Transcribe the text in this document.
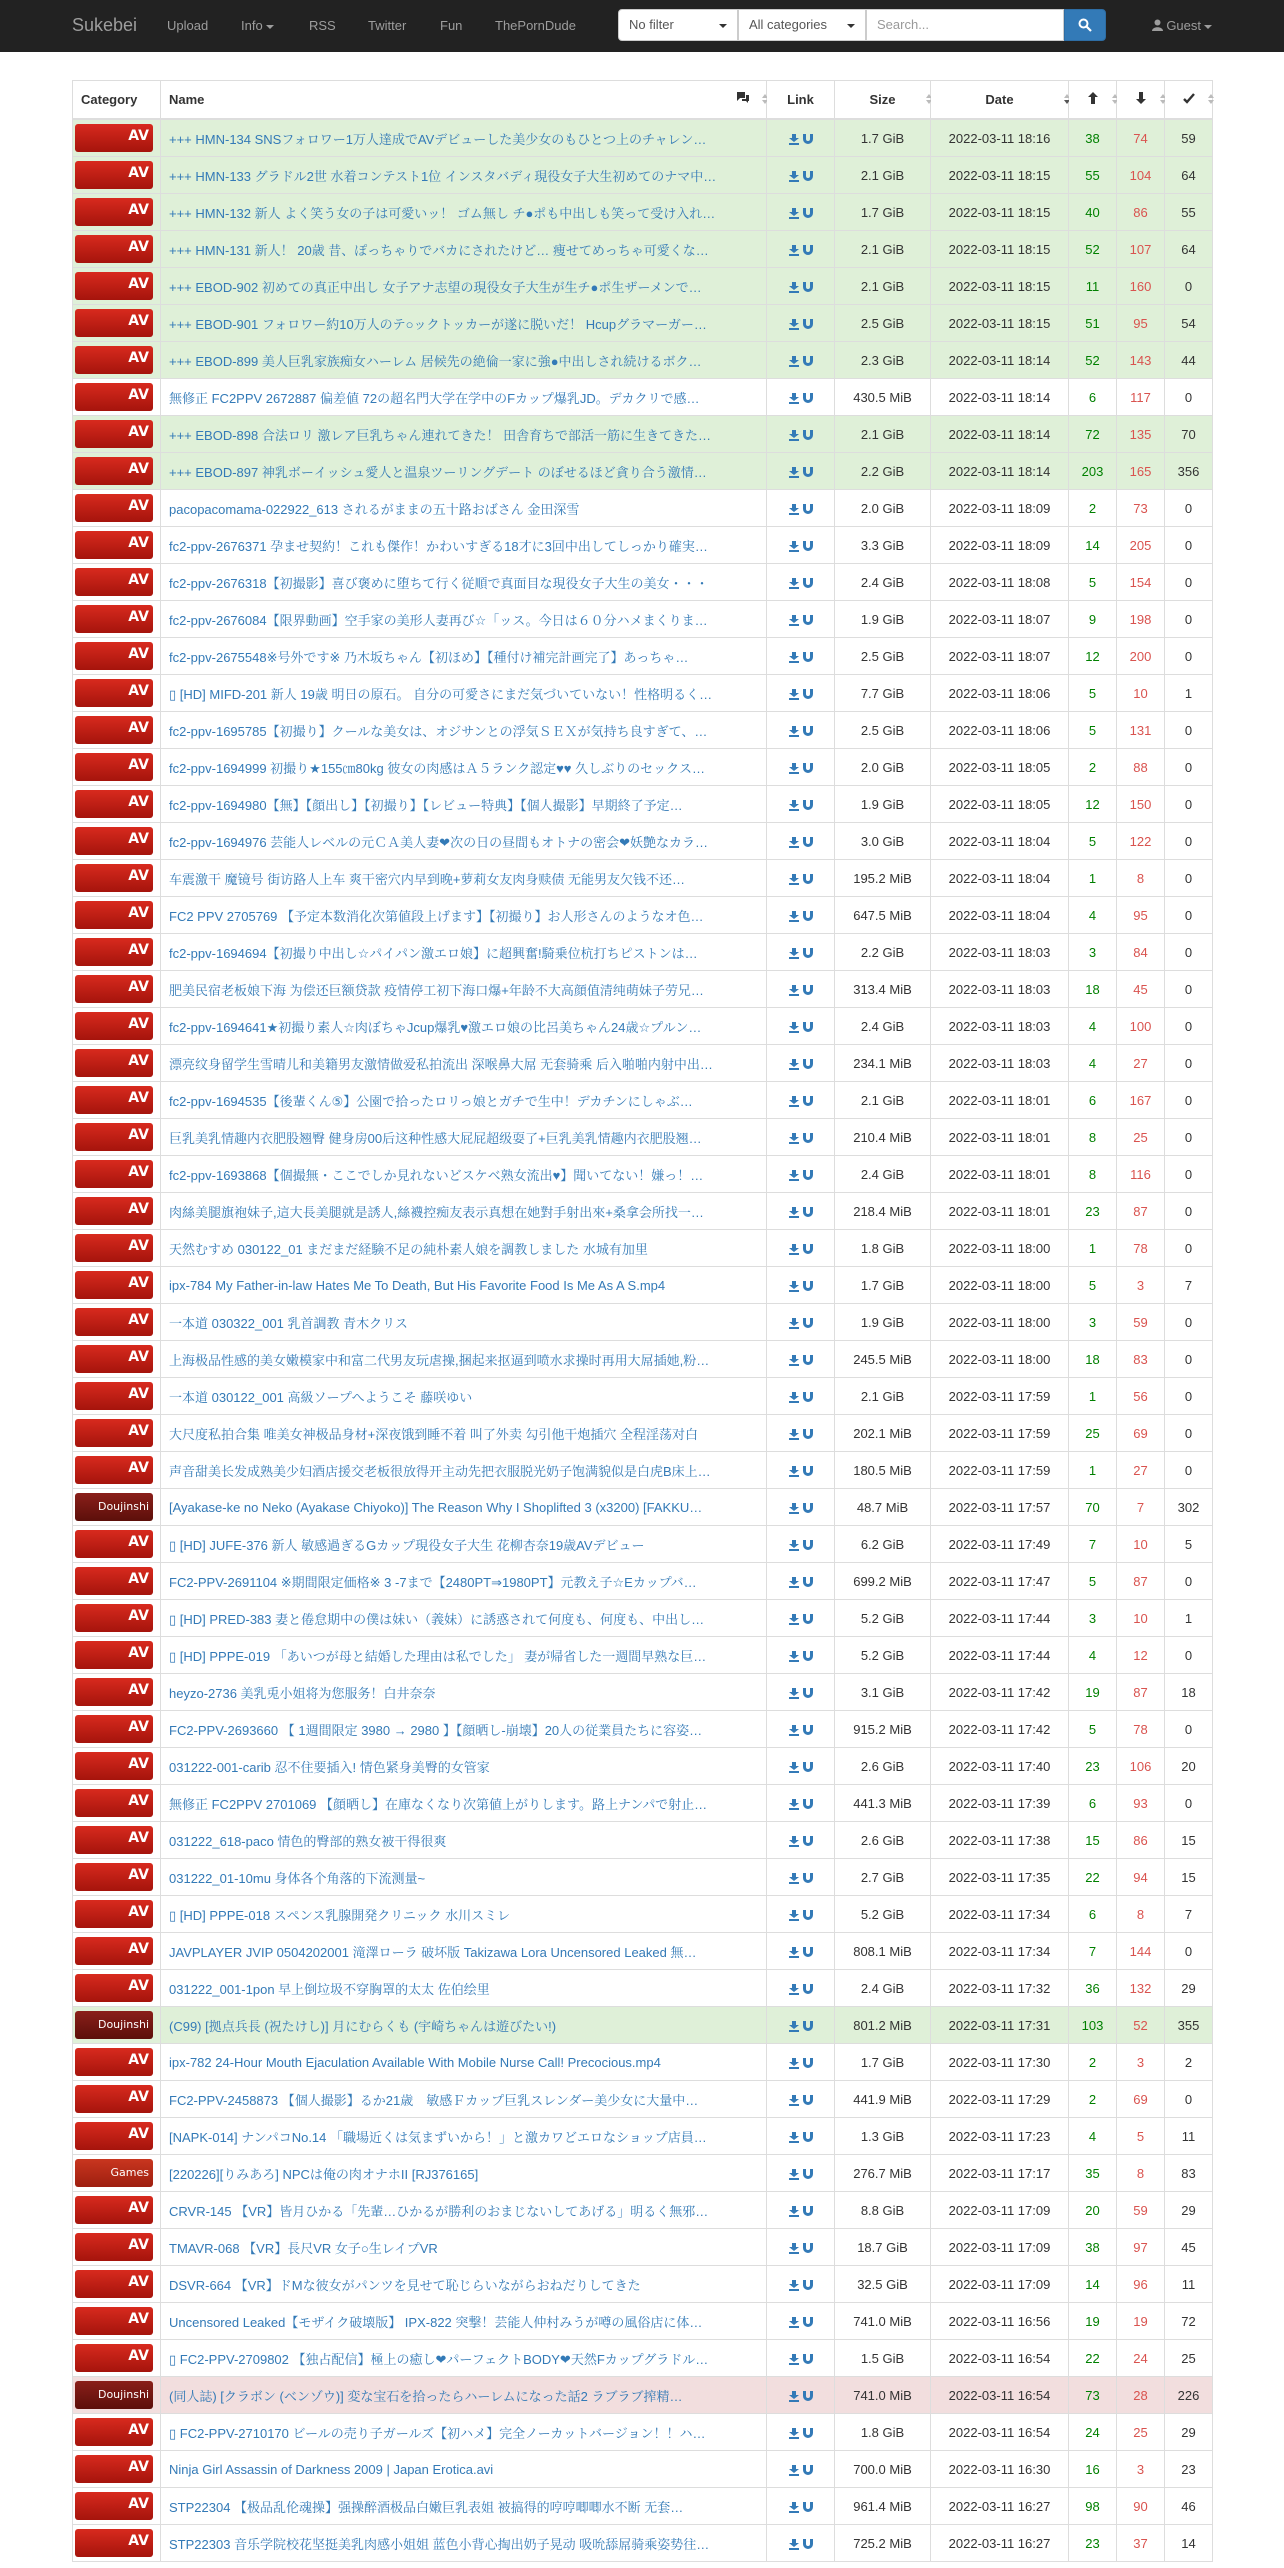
Sukebei Upload	Info	RSS Twitter	Fun	ThePornDude	No filter	All categories	Search...	Guest
Category	Name	Link	Size	Date

AV	+++ HMN-134 SNSフォロワー1万人達成でAVデビューした美少女のもひとつ上のチャレン…		1.7 GiB	2022-03-11 18:16	38	74	59

AV	+++ HMN-133 グラドル2世 水着コンテスト1位 インスタバディ現役女子大生初めてのナマ中…		2.1 GiB	2022-03-11 18:15	55	104	64

AV	+++ HMN-132 新人 よく笑う女の子は可愛いッ！ ゴム無し チ●ポも中出しも笑って受け入れ…		1.7 GiB	2022-03-11 18:15	40	86	55

AV	+++ HMN-131 新人！ 20歳 昔、ぽっちゃりでバカにされたけど… 痩せてめっちゃ可愛くな…		2.1 GiB	2022-03-11 18:15	52	107	64

AV	+++ EBOD-902 初めての真正中出し 女子アナ志望の現役女子大生が生チ●ポ生ザーメンで…		2.1 GiB	2022-03-11 18:15	11	160	0

AV	+++ EBOD-901 フォロワー約10万人のテ○ックトッカーが遂に脱いだ！ Hcupグラマーガー…		2.5 GiB	2022-03-11 18:15	51	95	54

AV	+++ EBOD-899 美人巨乳家族痴女ハーレム 居候先の絶倫一家に強●中出しされ続けるボク…		2.3 GiB	2022-03-11 18:14	52	143	44

AV	無修正 FC2PPV 2672887 偏差値 72の超名門大学在学中のFカップ爆乳JD。デカクリで感…		430.5 MiB	2022-03-11 18:14	6	117	0

AV	+++ EBOD-898 合法ロリ 激レア巨乳ちゃん連れてきた！ 田舎育ちで部活一筋に生きてきた…		2.1 GiB	2022-03-11 18:14	72	135	70

AV	+++ EBOD-897 神乳ボーイッシュ愛人と温泉ツーリングデート のぼせるほど貪り合う激情…		2.2 GiB	2022-03-11 18:14	203	165	356

AV	pacopacomama-022922_613 されるがままの五十路おばさん 金田深雪		2.0 GiB	2022-03-11 18:09	2	73	0

AV	fc2-ppv-2676371 孕ませ契約！これも傑作！かわいすぎる18才に3回中出してしっかり確実…		3.3 GiB	2022-03-11 18:09	14	205	0

AV	fc2-ppv-2676318【初撮影】喜び褒めに堕ちて行く従順で真面目な現役女子大生の美女・・・		2.4 GiB	2022-03-11 18:08	5	154	0

AV	fc2-ppv-2676084【限界動画】空手家の美形人妻再び☆「ッス。今日は６０分ハメまくりま…		1.9 GiB	2022-03-11 18:07	9	198	0

AV	fc2-ppv-2675548※号外です※ 乃木坂ちゃん【初ほめ】【種付け補完計画完了】あっちゃ…		2.5 GiB	2022-03-11 18:07	12	200	0

AV	▯ [HD] MIFD-201 新人 19歳 明日の原石。 自分の可愛さにまだ気づいていない！性格明るく…		7.7 GiB	2022-03-11 18:06	5	10	1

AV	fc2-ppv-1695785【初撮り】クールな美女は、オジサンとの浮気ＳＥＸが気持ち良すぎて、…		2.5 GiB	2022-03-11 18:06	5	131	0

AV	fc2-ppv-1694999 初撮り★155㎝80kg 彼女の肉感はＡ５ランク認定♥♥ 久しぶりのセックス…		2.0 GiB	2022-03-11 18:05	2	88	0

AV	fc2-ppv-1694980【無】【顔出し】【初撮り】【レビュー特典】【個人撮影】早期終了予定…		1.9 GiB	2022-03-11 18:05	12	150	0

AV	fc2-ppv-1694976 芸能人レベルの元ＣＡ美人妻❤次の日の昼間もオトナの密会❤妖艶なカラ…		3.0 GiB	2022-03-11 18:04	5	122	0

AV	车震激干 魔镜号 街访路人上车 爽干密穴内早到晚+萝莉女友肉身赎债 无能男友欠钱不还…		195.2 MiB	2022-03-11 18:04	1	8	0

AV	FC2 PPV 2705769 【予定本数消化次第値段上げます】【初撮り】お人形さんのようなオ色…		647.5 MiB	2022-03-11 18:04	4	95	0

AV	fc2-ppv-1694694【初撮り中出し☆パイパン激エロ娘】に超興奮!騎乗位杭打ちピストンは…		2.2 GiB	2022-03-11 18:03	3	84	0

AV	肥美民宿老板娘下海 为偿还巨额贷款 疫情停工初下海口爆+年龄不大高顔值清纯萌妹子劳兄…		313.4 MiB	2022-03-11 18:03	18	45	0

AV	fc2-ppv-1694641★初撮り素人☆肉ぼちゃJcup爆乳♥激エロ娘の比呂美ちゃん24歳☆プルン…		2.4 GiB	2022-03-11 18:03	4	100	0

AV	漂亮纹身留学生雪晴儿和美籍男友激情做爱私拍流出 深喉鼻大屌 无套骑乘 后入啪啪内射中出…		234.1 MiB	2022-03-11 18:03	4	27	0

AV	fc2-ppv-1694535【後輩くん⑤】公園で拾ったロリっ娘とガチで生中！デカチンにしゃぶ…		2.1 GiB	2022-03-11 18:01	6	167	0

AV	巨乳美乳情趣内衣肥股翘臀 健身房00后这种性感大屁屁超级耍了+巨乳美乳情趣内衣肥股翘…		210.4 MiB	2022-03-11 18:01	8	25	0

AV	fc2-ppv-1693868【個撮無・ここでしか見れないどスケベ熟女流出♥】聞いてない！嫌っ！…		2.4 GiB	2022-03-11 18:01	8	116	0

AV	肉絲美腿旗袍妹子,這大長美腿就是誘人,絲襪控痴友表示真想在她對手射出來+桑拿会所找一…		218.4 MiB	2022-03-11 18:01	23	87	0

AV	天然むすめ 030122_01 まだまだ経験不足の純朴素人娘を調教しました 水城有加里		1.8 GiB	2022-03-11 18:00	1	78	0

AV	ipx-784 My Father-in-law Hates Me To Death, But His Favorite Food Is Me As A S.mp4		1.7 GiB	2022-03-11 18:00	5	3	7

AV	一本道 030322_001 乳首調教 青木クリス		1.9 GiB	2022-03-11 18:00	3	59	0

AV	上海极品性感的美女嫩模家中和富二代男友玩虐操,捆起来抠逼到喷水求操时再用大屌插她,粉…		245.5 MiB	2022-03-11 18:00	18	83	0

AV	一本道 030122_001 高級ソープへようこそ 藤咲ゆい		2.1 GiB	2022-03-11 17:59	1	56	0

AV	大尺度私拍合集 唯美女神极品身材+深夜饿到睡不着 叫了外卖 勾引他干炮插穴 全程淫荡对白		202.1 MiB	2022-03-11 17:59	25	69	0

AV	声音甜美长发成熟美少妇酒店援交老板很放得开主动先把衣服脱光奶子饱满貌似是白虎B床上…		180.5 MiB	2022-03-11 17:59	1	27	0

Doujinshi	[Ayakase-ke no Neko (Ayakase Chiyoko)] The Reason Why I Shoplifted 3 (x3200) [FAKKU…		48.7 MiB	2022-03-11 17:57	70	7	302

AV	▯ [HD] JUFE-376 新人 敏感過ぎるGカップ現役女子大生 花柳杏奈19歳AVデビュー		6.2 GiB	2022-03-11 17:49	7	10	5

AV	FC2-PPV-2691104 ※期間限定価格※ 3 -7まで【2480PT⇒1980PT】元教え子☆Eカップバ…		699.2 MiB	2022-03-11 17:47	5	87	0

AV	▯ [HD] PRED-383 妻と倦怠期中の僕は妹い（義妹）に誘惑されて何度も、何度も、中出し…		5.2 GiB	2022-03-11 17:44	3	10	1

AV	▯ [HD] PPPE-019 「あいつが母と結婚した理由は私でした」 妻が帰省した一週間早熟な巨…		5.2 GiB	2022-03-11 17:44	4	12	0

AV	heyzo-2736 美乳兎小姐将为您服务！白井奈奈		3.1 GiB	2022-03-11 17:42	19	87	18

AV	FC2-PPV-2693660 【 1週間限定 3980 → 2980 】【顔晒し-崩壊】20人の従業員たちに容姿…		915.2 MiB	2022-03-11 17:42	5	78	0

AV	031222-001-carib 忍不住要插入! 情色紧身美臀的女管家		2.6 GiB	2022-03-11 17:40	23	106	20

AV	無修正 FC2PPV 2701069 【顔晒し】在庫なくなり次第値上がりします。路上ナンパで射止…		441.3 MiB	2022-03-11 17:39	6	93	0

AV	031222_618-paco 情色的臀部的熟女被干得很爽		2.6 GiB	2022-03-11 17:38	15	86	15

AV	031222_01-10mu 身体各个角落的下流测量~		2.7 GiB	2022-03-11 17:35	22	94	15

AV	▯ [HD] PPPE-018 スペンス乳腺開発クリニック 水川スミレ		5.2 GiB	2022-03-11 17:34	6	8	7

AV	JAVPLAYER JVIP 0504202001 滝澤ローラ 破坏版 Takizawa Lora Uncensored Leaked 無…		808.1 MiB	2022-03-11 17:34	7	144	0

AV	031222_001-1pon 早上倒垃圾不穿胸罩的太太 佐伯绘里		2.4 GiB	2022-03-11 17:32	36	132	29

Doujinshi	(C99) [拠点兵長 (祝たけし)] 月にむらくも (宇崎ちゃんは遊びたい!)		801.2 MiB	2022-03-11 17:31	103	52	355

AV	ipx-782 24-Hour Mouth Ejaculation Available With Mobile Nurse Call! Precocious.mp4		1.7 GiB	2022-03-11 17:30	2	3	2

AV	FC2-PPV-2458873 【個人撮影】るか21歳　敏感Ｆカップ巨乳スレンダー美少女に大量中…		441.9 MiB	2022-03-11 17:29	2	69	0

AV	[NAPK-014] ナンパコNo.14 「職場近くは気まずいから！」と激カワどエロなショップ店員…		1.3 GiB	2022-03-11 17:23	4	5	11

Games	[220226][りみあろ] NPCは俺の肉オナホII [RJ376165]		276.7 MiB	2022-03-11 17:17	35	8	83

AV	CRVR-145 【VR】皆月ひかる「先輩…ひかるが勝利のおまじないしてあげる」明るく無邪…		8.8 GiB	2022-03-11 17:09	20	59	29

AV	TMAVR-068 【VR】長尺VR 女子○生レイプVR		18.7 GiB	2022-03-11 17:09	38	97	45

AV	DSVR-664 【VR】ドMな彼女がパンツを見せて恥じらいながらおねだりしてきた		32.5 GiB	2022-03-11 17:09	14	96	11

AV	Uncensored Leaked【モザイク破壊版】 IPX-822 突撃！芸能人仲村みうが噂の風俗店に体…		741.0 MiB	2022-03-11 16:56	19	19	72

AV	▯ FC2-PPV-2709802 【独占配信】極上の癒し❤パーフェクトBODY❤天然Fカップグラドル…		1.5 GiB	2022-03-11 16:54	22	24	25

Doujinshi	(同人誌) [クラボン (ベンゾウ)] 変な宝石を拾ったらハーレムになった話2 ラブラブ搾精…		741.0 MiB	2022-03-11 16:54	73	28	226

AV	▯ FC2-PPV-2710170 ビールの売り子ガールズ【初ハメ】完全ノーカットバージョン！！ハ…		1.8 GiB	2022-03-11 16:54	24	25	29

AV	Ninja Girl Assassin of Darkness 2009 | Japan Erotica.avi		700.0 MiB	2022-03-11 16:30	16	3	23

AV	STP22304 【极品乱伦魂操】强操醉酒极品白嫩巨乳表姐 被搞得的哼哼唧唧水不断 无套…		961.4 MiB	2022-03-11 16:27	98	90	46

AV	STP22303 音乐学院校花坚挺美乳肉感小姐姐 蓝色小背心掏出奶子晃动 吸吮舔屌骑乘姿势往…		725.2 MiB	2022-03-11 16:27	23	37	14
